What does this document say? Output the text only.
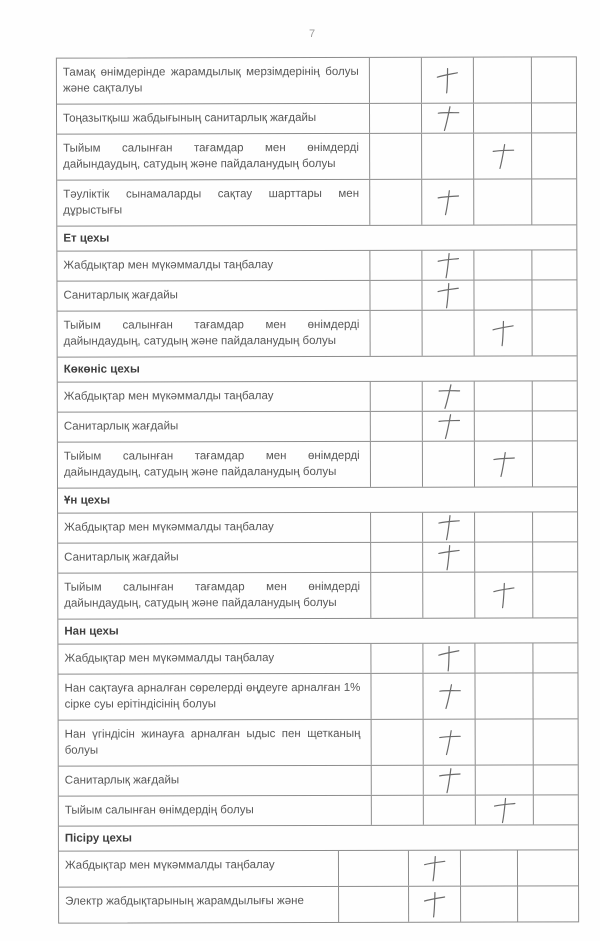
7
Тамақ өнімдерінде жарамдылық мерзімдерінің болуы және сақталуы
Тоңазытқыш жабдығының санитарлық жағдайы
Тыйым салынған тағамдар мен өнімдерді дайындаудың, сатудың және пайдаланудың болуы
Тәуліктік сынамаларды сақтау шарттары мен дұрыстығы
Ет цехы
Жабдықтар мен мүкәммалды таңбалау
Санитарлық жағдайы
Тыйым салынған тағамдар мен өнімдерді дайындаудың, сатудың және пайдаланудың болуы
Көкөніс цехы
Жабдықтар мен мүкәммалды таңбалау
Санитарлық жағдайы
Тыйым салынған тағамдар мен өнімдерді дайындаудың, сатудың және пайдаланудың болуы
Ұн цехы
Жабдықтар мен мүкәммалды таңбалау
Санитарлық жағдайы
Тыйым салынған тағамдар мен өнімдерді дайындаудың, сатудың және пайдаланудың болуы
Нан цехы
Жабдықтар мен мүкәммалды таңбалау
Нан сақтауға арналған сөрелерді өңдеуге арналған 1% сірке суы ерітіндісінің болуы
Нан үгіндісін жинауға арналған ыдыс пен щетканың болуы
Санитарлық жағдайы
Тыйым салынған өнімдердің болуы
Пісіру цехы
Жабдықтар мен мүкәммалды таңбалау
Электр жабдықтарының жарамдылығы және
